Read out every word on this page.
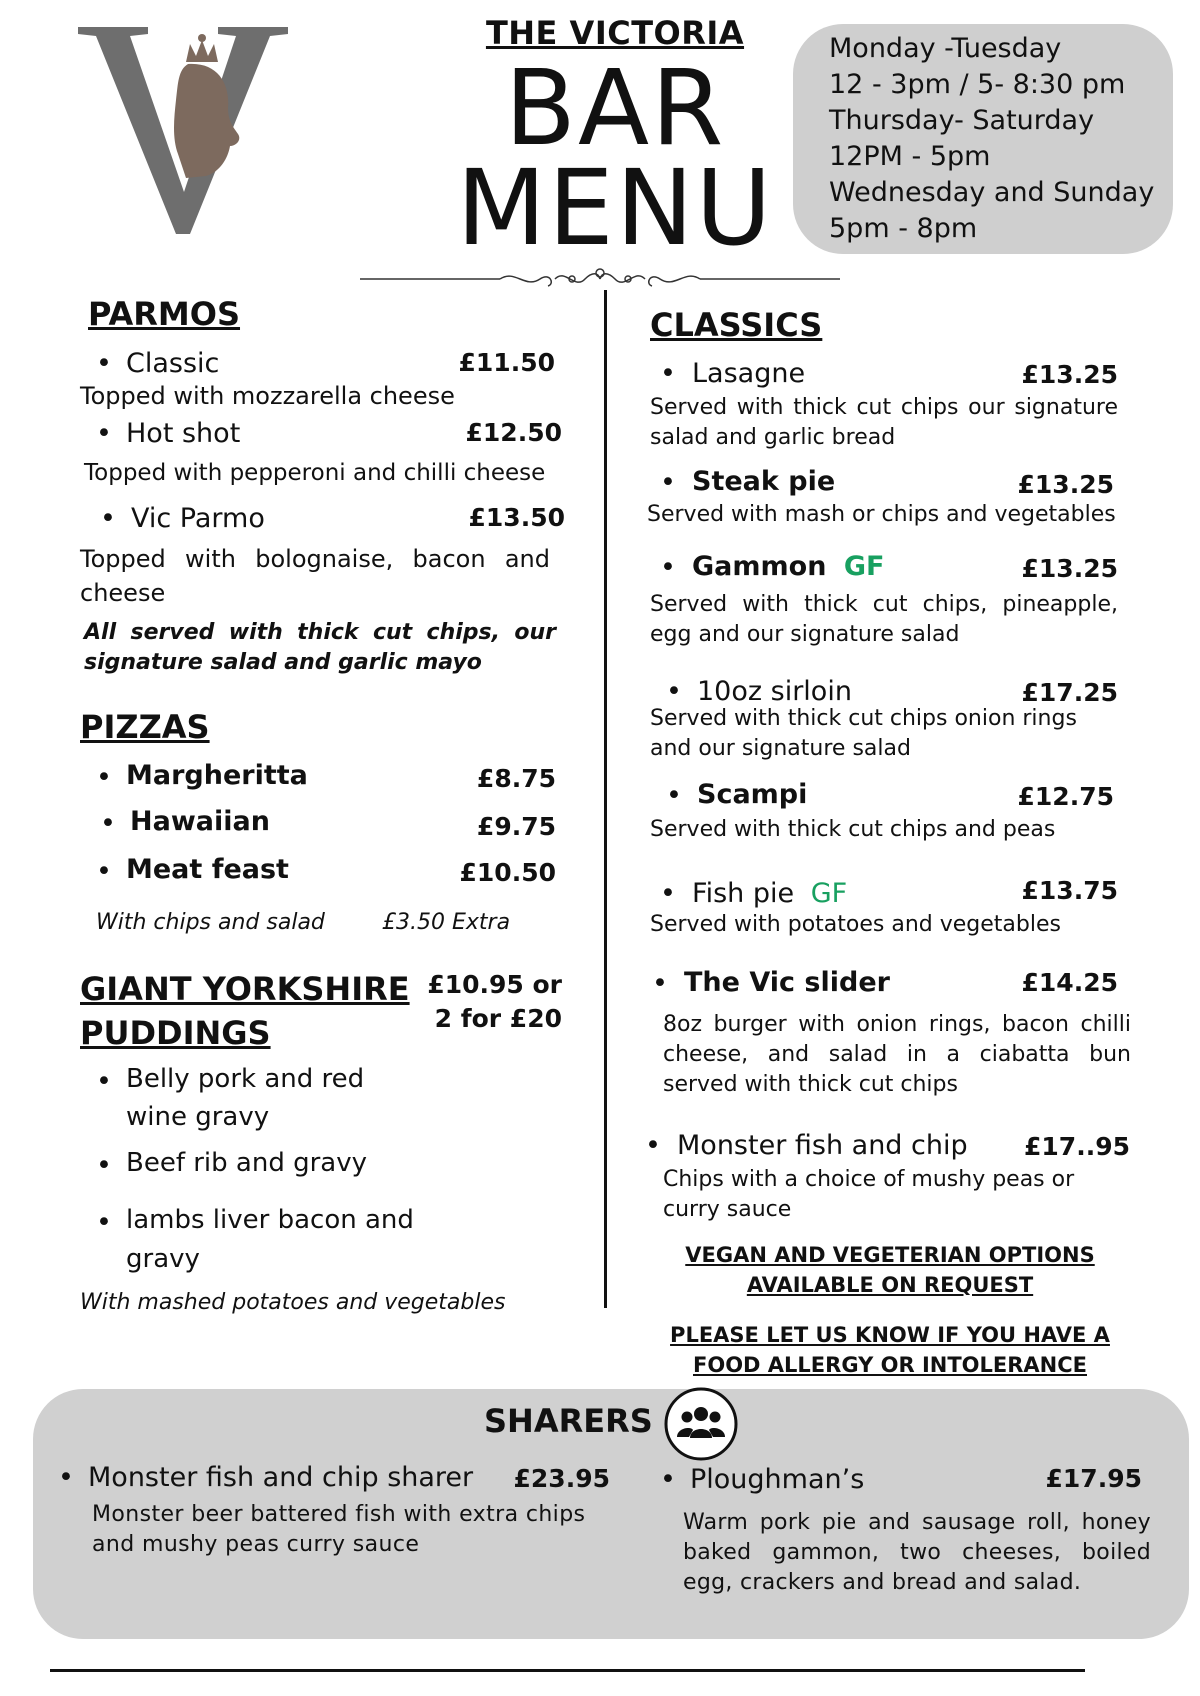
THE VICTORIA
BAR
MENU
Monday -Tuesday
12 - 3pm / 5- 8:30 pm
Thursday- Saturday
12PM - 5pm
Wednesday and Sunday
5pm - 8pm
PARMOS
• Classic	£11.50
Topped with mozzarella cheese
• Hot shot	£12.50
Topped with pepperoni and chilli cheese
• Vic Parmo	£13.50
Topped with bolognaise, bacon and cheese
All served with thick cut chips, our signature salad and garlic mayo
PIZZAS
• Margheritta	£8.75
• Hawaiian	£9.75
• Meat feast	£10.50
With chips and salad	£3.50 Extra
GIANT YORKSHIRE
PUDDINGS
£10.95 or
2 for £20
• Belly pork and red
wine gravy
• Beef rib and gravy
• lambs liver bacon and
gravy
With mashed potatoes and vegetables
CLASSICS
• Lasagne	£13.25
Served with thick cut chips our signature salad and garlic bread
• Steak pie	£13.25
Served with mash or chips and vegetables
• Gammon GF	£13.25
Served with thick cut chips, pineapple, egg and our signature salad
• 10oz sirloin	£17.25
Served with thick cut chips onion rings and our signature salad
• Scampi	£12.75
Served with thick cut chips and peas
• Fish pie GF	£13.75
Served with potatoes and vegetables
• The Vic slider	£14.25
8oz burger with onion rings, bacon chilli cheese, and salad in a ciabatta bun served with thick cut chips
• Monster fish and chip	£17..95
Chips with a choice of mushy peas or curry sauce
VEGAN AND VEGETERIAN OPTIONS
AVAILABLE ON REQUEST
PLEASE LET US KNOW IF YOU HAVE A
FOOD ALLERGY OR INTOLERANCE
SHARERS
• Monster fish and chip sharer	£23.95
Monster beer battered fish with extra chips and mushy peas curry sauce
• Ploughman’s	£17.95
Warm pork pie and sausage roll, honey baked gammon, two cheeses, boiled egg, crackers and bread and salad.
